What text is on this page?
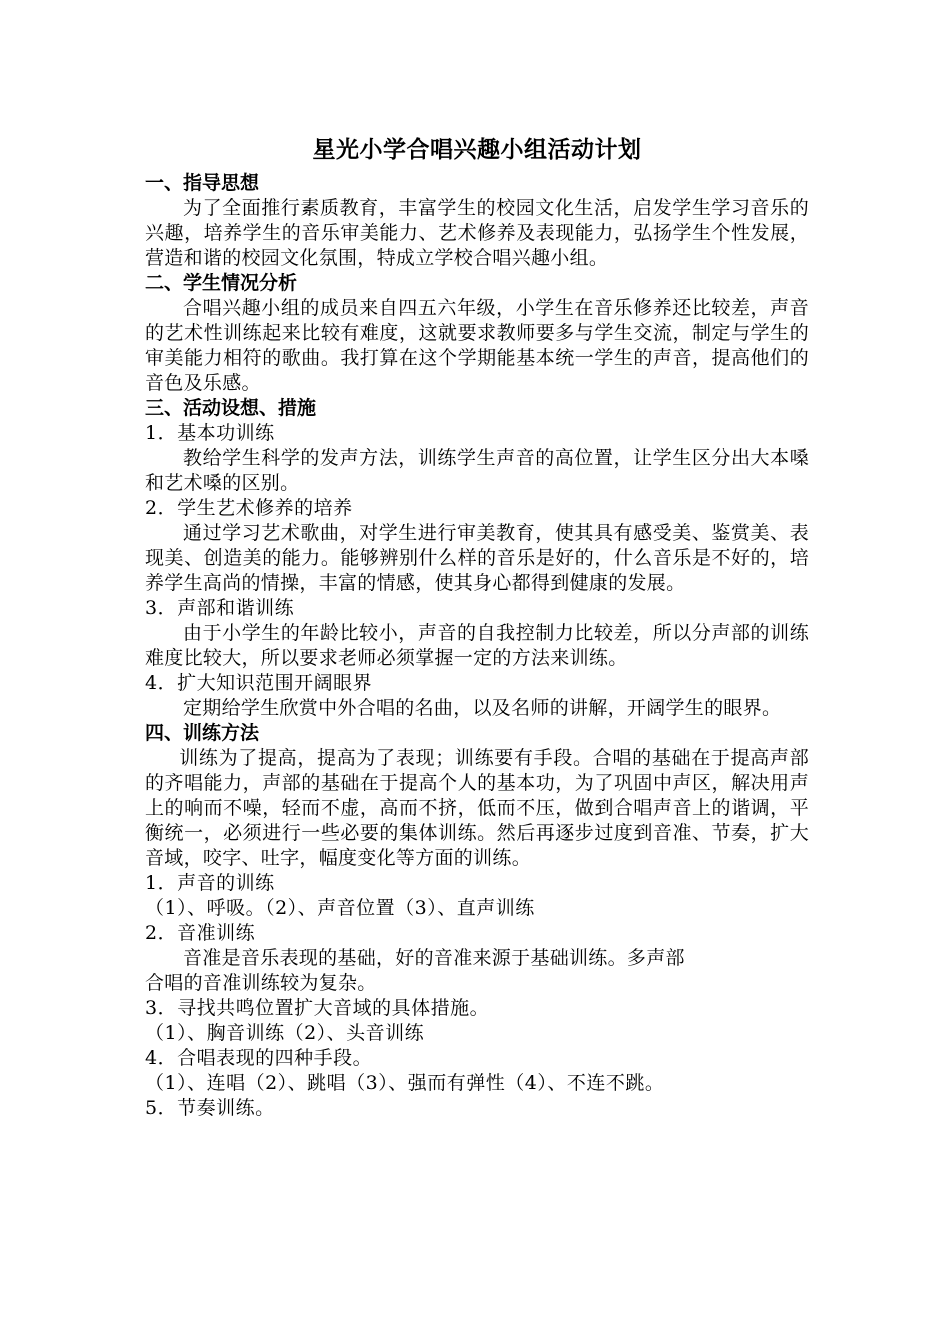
星光小学合唱兴趣小组活动计划
一、指导思想

为了全面推行素质教育，丰富学生的校园文化生活，启发学生学习音乐的兴趣，培养学生的音乐审美能力、艺术修养及表现能力，弘扬学生个性发展，营造和谐的校园文化氛围，特成立学校合唱兴趣小组。

二、学生情况分析

合唱兴趣小组的成员来自四五六年级，小学生在音乐修养还比较差，声音的艺术性训练起来比较有难度，这就要求教师要多与学生交流，制定与学生的审美能力相符的歌曲。我打算在这个学期能基本统一学生的声音，提高他们的音色及乐感。

三、活动设想、措施

1．基本功训练

教给学生科学的发声方法，训练学生声音的高位置，让学生区分出大本嗓和艺术嗓的区别。

2．学生艺术修养的培养

通过学习艺术歌曲，对学生进行审美教育，使其具有感受美、鉴赏美、表现美、创造美的能力。能够辨别什么样的音乐是好的，什么音乐是不好的，培养学生高尚的情操，丰富的情感，使其身心都得到健康的发展。

3．声部和谐训练

由于小学生的年龄比较小，声音的自我控制力比较差，所以分声部的训练难度比较大，所以要求老师必须掌握一定的方法来训练。

4．扩大知识范围开阔眼界

定期给学生欣赏中外合唱的名曲，以及名师的讲解，开阔学生的眼界。

四、训练方法

训练为了提高，提高为了表现；训练要有手段。合唱的基础在于提高声部的齐唱能力，声部的基础在于提高个人的基本功，为了巩固中声区，解决用声上的响而不噪，轻而不虚，高而不挤，低而不压，做到合唱声音上的谐调，平衡统一，必须进行一些必要的集体训练。然后再逐步过度到音准、节奏，扩大音域，咬字、吐字，幅度变化等方面的训练。

1．声音的训练

（1）、呼吸。（2）、声音位置（3）、直声训练

2．音准训练

音准是音乐表现的基础，好的音准来源于基础训练。多声部

合唱的音准训练较为复杂。

3．寻找共鸣位置扩大音域的具体措施。

（1）、胸音训练（2）、头音训练

4．合唱表现的四种手段。

（1）、连唱（2）、跳唱（3）、强而有弹性（4）、不连不跳。

5．节奏训练。
